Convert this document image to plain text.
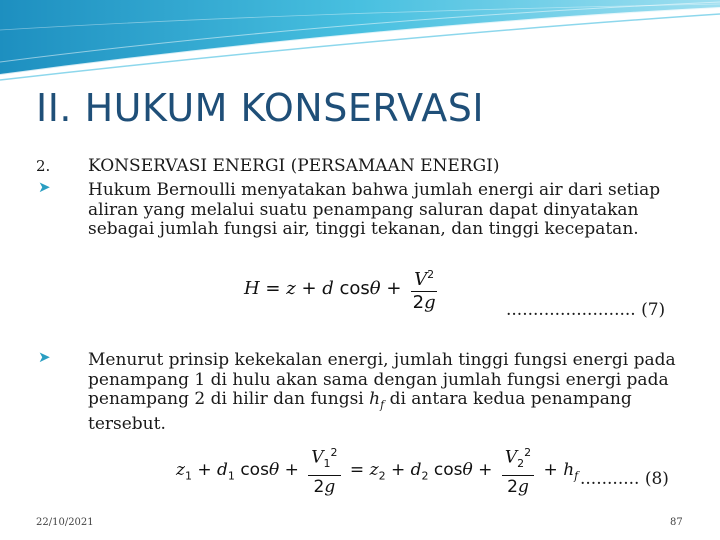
II. HUKUM KONSERVASI
2. KONSERVASI ENERGI (PERSAMAAN ENERGI)
➤ Hukum Bernoulli menyatakan bahwa jumlah energi air dari setiap aliran yang melalui suatu penampang saluran dapat dinyatakan sebagai jumlah fungsi air, tinggi tekanan, dan tinggi kecepatan.
H = z + d $\cos\theta + \frac{V^2}{2g}$	........................ (7)
➤ Menurut prinsip kekekalan energi, jumlah tinggi fungsi energi pada penampang 1 di hulu akan sama dengan jumlah fungsi energi pada penampang 2 di hilir dan fungsi $h_f$ di antara kedua penampang tersebut.
$z_1 + d_1$ $\cos\theta + \frac{V_1^2}{2g} = z_2 + d_2$ $\cos\theta + \frac{V_2^2}{2g} + h_f$ ........... (8)
22/10/2021	87
